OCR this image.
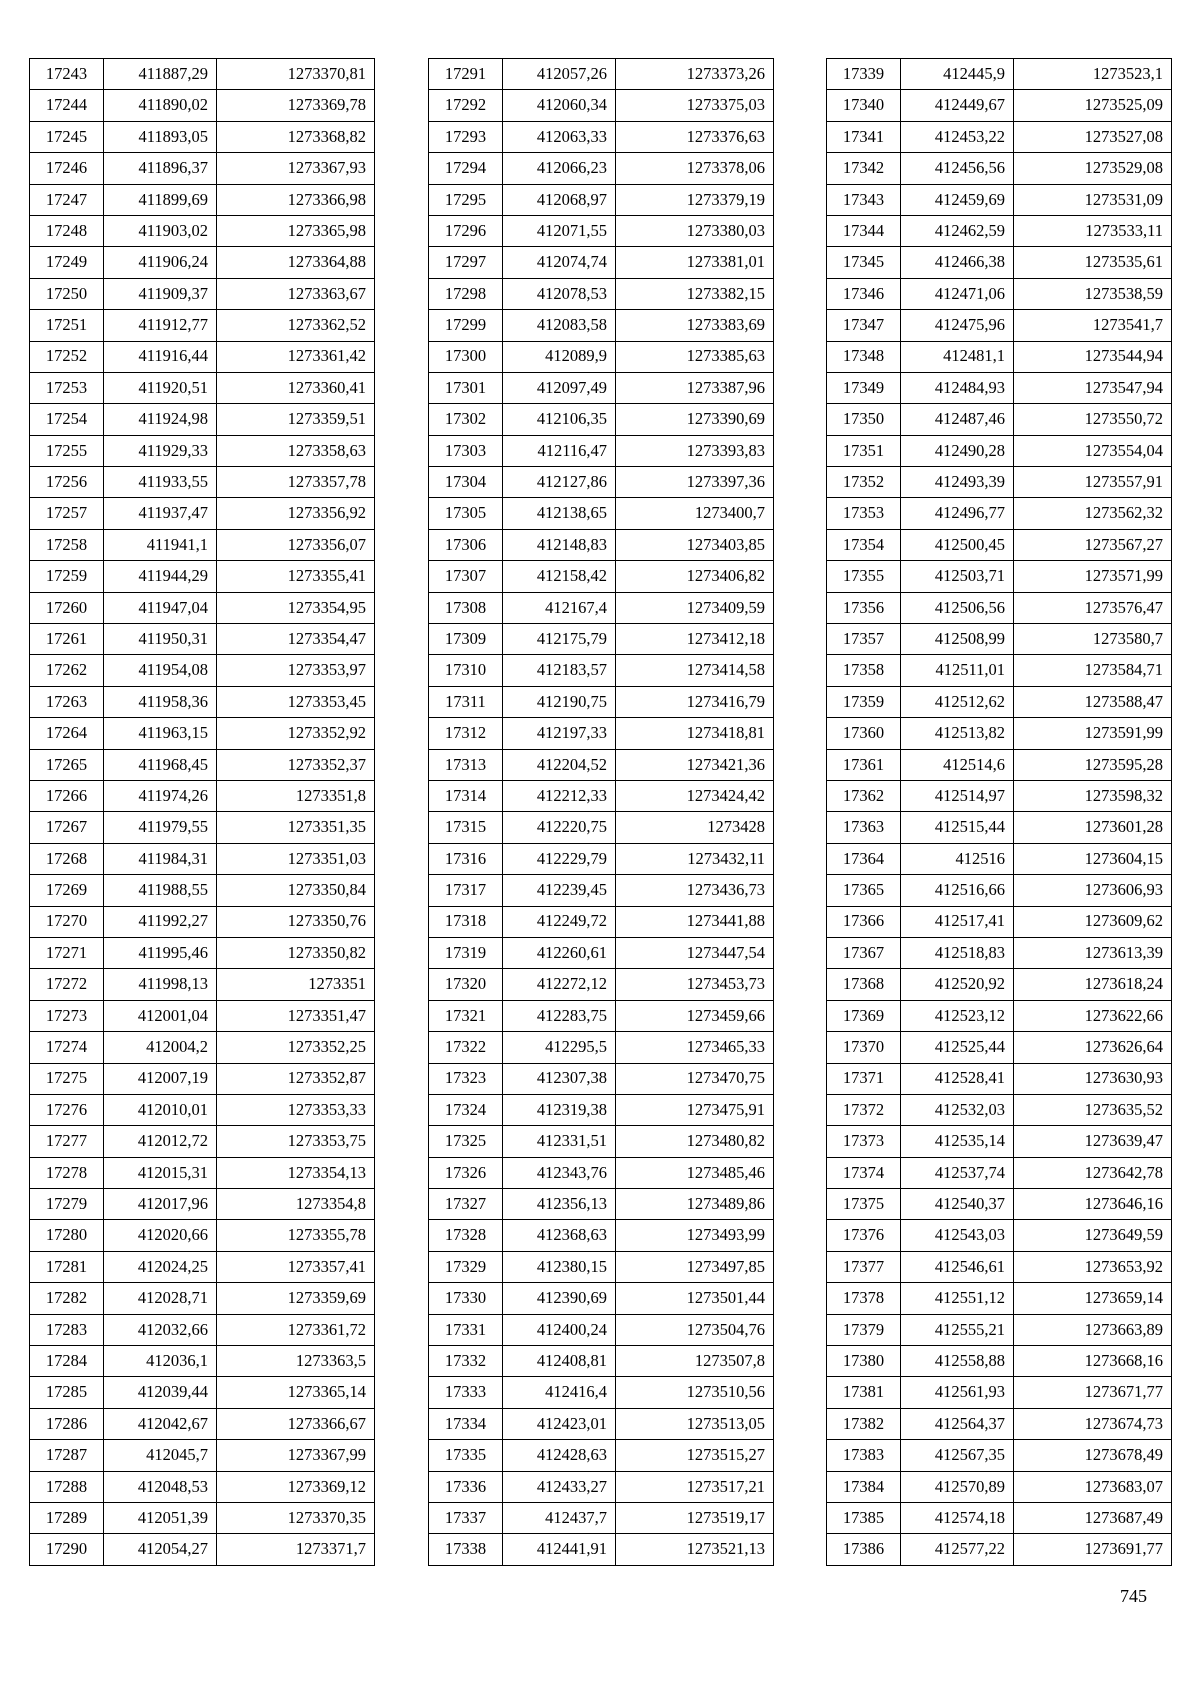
17243	411887,29	1273370,81
17244	411890,02	1273369,78
17245	411893,05	1273368,82
17246	411896,37	1273367,93
17247	411899,69	1273366,98
17248	411903,02	1273365,98
17249	411906,24	1273364,88
17250	411909,37	1273363,67
17251	411912,77	1273362,52
17252	411916,44	1273361,42
17253	411920,51	1273360,41
17254	411924,98	1273359,51
17255	411929,33	1273358,63
17256	411933,55	1273357,78
17257	411937,47	1273356,92
17258	411941,1	1273356,07
17259	411944,29	1273355,41
17260	411947,04	1273354,95
17261	411950,31	1273354,47
17262	411954,08	1273353,97
17263	411958,36	1273353,45
17264	411963,15	1273352,92
17265	411968,45	1273352,37
17266	411974,26	1273351,8
17267	411979,55	1273351,35
17268	411984,31	1273351,03
17269	411988,55	1273350,84
17270	411992,27	1273350,76
17271	411995,46	1273350,82
17272	411998,13	1273351
17273	412001,04	1273351,47
17274	412004,2	1273352,25
17275	412007,19	1273352,87
17276	412010,01	1273353,33
17277	412012,72	1273353,75
17278	412015,31	1273354,13
17279	412017,96	1273354,8
17280	412020,66	1273355,78
17281	412024,25	1273357,41
17282	412028,71	1273359,69
17283	412032,66	1273361,72
17284	412036,1	1273363,5
17285	412039,44	1273365,14
17286	412042,67	1273366,67
17287	412045,7	1273367,99
17288	412048,53	1273369,12
17289	412051,39	1273370,35
17290	412054,27	1273371,7
17291	412057,26	1273373,26
17292	412060,34	1273375,03
17293	412063,33	1273376,63
17294	412066,23	1273378,06
17295	412068,97	1273379,19
17296	412071,55	1273380,03
17297	412074,74	1273381,01
17298	412078,53	1273382,15
17299	412083,58	1273383,69
17300	412089,9	1273385,63
17301	412097,49	1273387,96
17302	412106,35	1273390,69
17303	412116,47	1273393,83
17304	412127,86	1273397,36
17305	412138,65	1273400,7
17306	412148,83	1273403,85
17307	412158,42	1273406,82
17308	412167,4	1273409,59
17309	412175,79	1273412,18
17310	412183,57	1273414,58
17311	412190,75	1273416,79
17312	412197,33	1273418,81
17313	412204,52	1273421,36
17314	412212,33	1273424,42
17315	412220,75	1273428
17316	412229,79	1273432,11
17317	412239,45	1273436,73
17318	412249,72	1273441,88
17319	412260,61	1273447,54
17320	412272,12	1273453,73
17321	412283,75	1273459,66
17322	412295,5	1273465,33
17323	412307,38	1273470,75
17324	412319,38	1273475,91
17325	412331,51	1273480,82
17326	412343,76	1273485,46
17327	412356,13	1273489,86
17328	412368,63	1273493,99
17329	412380,15	1273497,85
17330	412390,69	1273501,44
17331	412400,24	1273504,76
17332	412408,81	1273507,8
17333	412416,4	1273510,56
17334	412423,01	1273513,05
17335	412428,63	1273515,27
17336	412433,27	1273517,21
17337	412437,7	1273519,17
17338	412441,91	1273521,13
17339	412445,9	1273523,1
17340	412449,67	1273525,09
17341	412453,22	1273527,08
17342	412456,56	1273529,08
17343	412459,69	1273531,09
17344	412462,59	1273533,11
17345	412466,38	1273535,61
17346	412471,06	1273538,59
17347	412475,96	1273541,7
17348	412481,1	1273544,94
17349	412484,93	1273547,94
17350	412487,46	1273550,72
17351	412490,28	1273554,04
17352	412493,39	1273557,91
17353	412496,77	1273562,32
17354	412500,45	1273567,27
17355	412503,71	1273571,99
17356	412506,56	1273576,47
17357	412508,99	1273580,7
17358	412511,01	1273584,71
17359	412512,62	1273588,47
17360	412513,82	1273591,99
17361	412514,6	1273595,28
17362	412514,97	1273598,32
17363	412515,44	1273601,28
17364	412516	1273604,15
17365	412516,66	1273606,93
17366	412517,41	1273609,62
17367	412518,83	1273613,39
17368	412520,92	1273618,24
17369	412523,12	1273622,66
17370	412525,44	1273626,64
17371	412528,41	1273630,93
17372	412532,03	1273635,52
17373	412535,14	1273639,47
17374	412537,74	1273642,78
17375	412540,37	1273646,16
17376	412543,03	1273649,59
17377	412546,61	1273653,92
17378	412551,12	1273659,14
17379	412555,21	1273663,89
17380	412558,88	1273668,16
17381	412561,93	1273671,77
17382	412564,37	1273674,73
17383	412567,35	1273678,49
17384	412570,89	1273683,07
17385	412574,18	1273687,49
17386	412577,22	1273691,77
745
